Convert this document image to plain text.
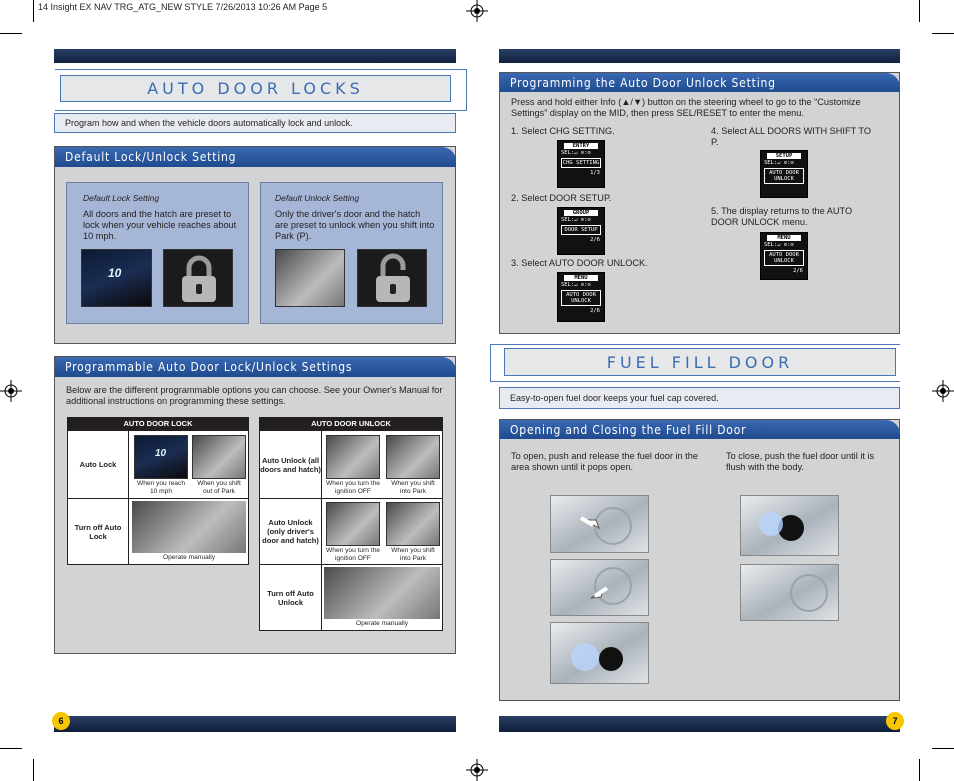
14 Insight EX NAV TRG_ATG_NEW STYLE 7/26/2013 10:26 AM Page 5
AUTO DOOR LOCKS
Program how and when the vehicle doors automatically lock and unlock.
Default Lock/Unlock Setting
Default Lock Setting
All doors and the hatch are preset to lock when your vehicle reaches about 10 mph.
10
Default Unlock Setting
Only the driver's door and the hatch are preset to unlock when you shift into Park (P).
Programmable Auto Door Lock/Unlock Settings
Below are the different programmable options you can choose. See your Owner's Manual for additional instructions on programming these settings.
AUTO DOOR LOCK
Auto Lock
10
When you reach 10 mph
When you shift out of Park
Turn off Auto Lock
Operate manually
AUTO DOOR UNLOCK
Auto Unlock (all doors and hatch)
When you turn the ignition OFF
When you shift into Park
Auto Unlock (only driver's door and hatch)
When you turn the ignition OFF
When you shift into Park
Turn off Auto Unlock
Operate manually
6
Programming the Auto Door Unlock Setting
Press and hold either Info (▲/▼) button on the steering wheel to go to the “Customize Settings” display on the MID, then press SEL/RESET to enter the menu.
1. Select CHG SETTING.
ENTRY
SEL:↵ ⊙:⊙
CHG SETTING
1/3
2. Select DOOR SETUP.
GROUP
SEL:↵ ⊙:⊙
DOOR SETUP
2/6
3. Select AUTO DOOR UNLOCK.
MENU
SEL:↵ ⊙:⊙
AUTO DOOR UNLOCK
2/6
4. Select ALL DOORS WITH SHIFT TO P.
SETUP
SEL:↵ ⊙:⊙
AUTO DOOR UNLOCK
5. The display returns to the AUTO DOOR UNLOCK menu.
MENU
SEL:↵ ⊙:⊙
AUTO DOOR UNLOCK
2/6
FUEL FILL DOOR
Easy-to-open fuel door keeps your fuel cap covered.
Opening and Closing the Fuel Fill Door
To open, push and release the fuel door in the area shown until it pops open.
To close, push the fuel door until it is flush with the body.
7
